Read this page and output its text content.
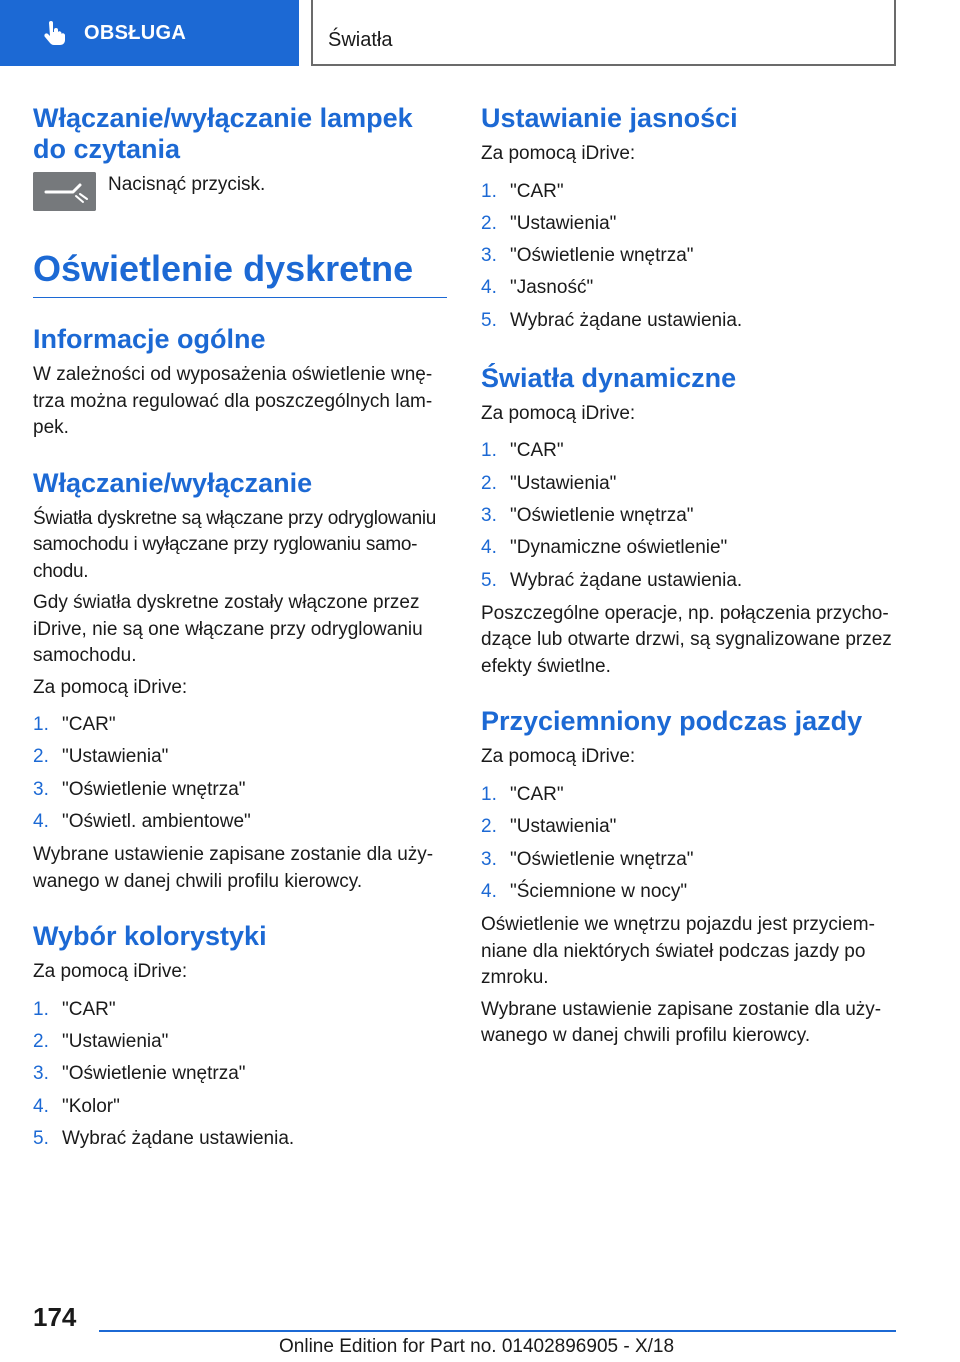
OBSŁUGA	Światła
Włączanie/wyłączanie lampek do czytania
Nacisnąć przycisk.
Oświetlenie dyskretne
Informacje ogólne
W zależności od wyposażenia oświetlenie wnętrza można regulować dla poszczególnych lampek.
Włączanie/wyłączanie
Światła dyskretne są włączane przy odryglowaniu samochodu i wyłączane przy ryglowaniu samochodu.
Gdy światła dyskretne zostały włączone przez iDrive, nie są one włączane przy odryglowaniu samochodu.
Za pomocą iDrive:
1. "CAR"
2. "Ustawienia"
3. "Oświetlenie wnętrza"
4. "Oświetl. ambientowe"
Wybrane ustawienie zapisane zostanie dla używanego w danej chwili profilu kierowcy.
Wybór kolorystyki
Za pomocą iDrive:
1. "CAR"
2. "Ustawienia"
3. "Oświetlenie wnętrza"
4. "Kolor"
5. Wybrać żądane ustawienia.
Ustawianie jasności
Za pomocą iDrive:
1. "CAR"
2. "Ustawienia"
3. "Oświetlenie wnętrza"
4. "Jasność"
5. Wybrać żądane ustawienia.
Światła dynamiczne
Za pomocą iDrive:
1. "CAR"
2. "Ustawienia"
3. "Oświetlenie wnętrza"
4. "Dynamiczne oświetlenie"
5. Wybrać żądane ustawienia.
Poszczególne operacje, np. połączenia przychodzące lub otwarte drzwi, są sygnalizowane przez efekty świetlne.
Przyciemniony podczas jazdy
Za pomocą iDrive:
1. "CAR"
2. "Ustawienia"
3. "Oświetlenie wnętrza"
4. "Ściemnione w nocy"
Oświetlenie we wnętrzu pojazdu jest przyciemniane dla niektórych świateł podczas jazdy po zmroku.
Wybrane ustawienie zapisane zostanie dla używanego w danej chwili profilu kierowcy.
174
Online Edition for Part no. 01402896905 - X/18
